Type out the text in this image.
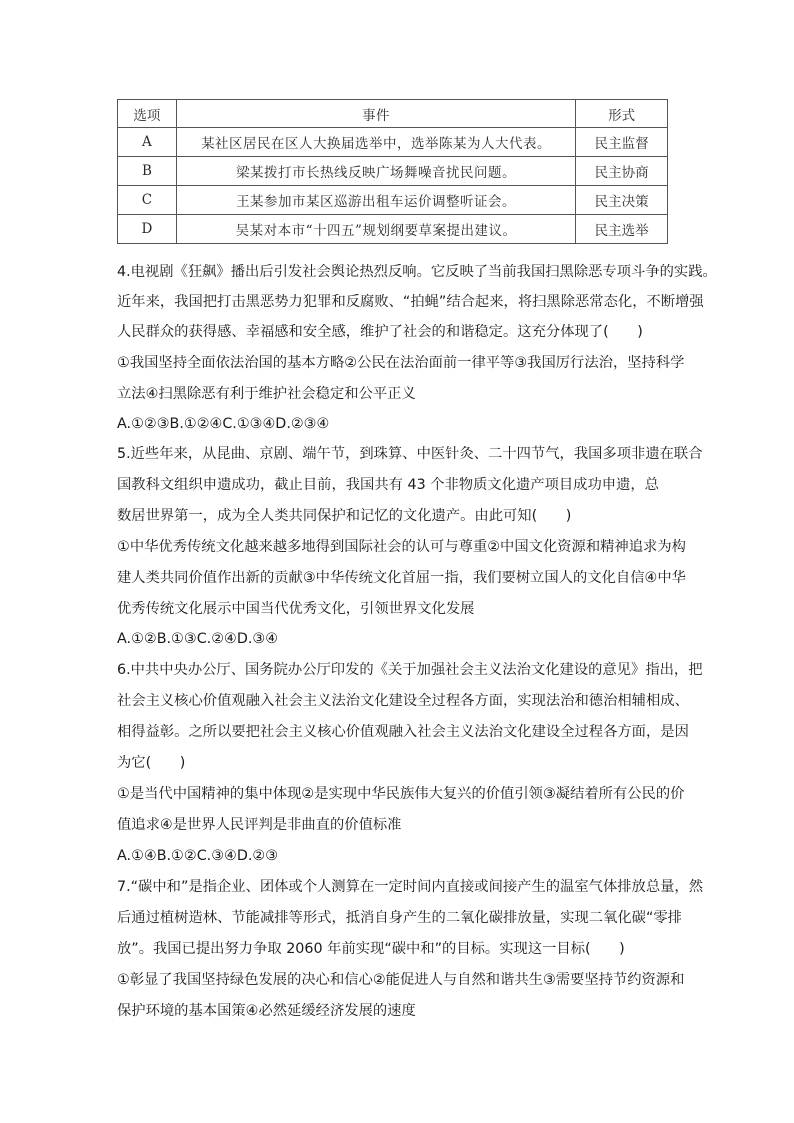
选项	事件	形式
A	某社区居民在区人大换届选举中，选举陈某为人大代表。	民主监督
B	梁某拨打市长热线反映广场舞噪音扰民问题。	民主协商
C	王某参加市某区巡游出租车运价调整听证会。	民主决策
D	吴某对本市“十四五”规划纲要草案提出建议。	民主选举
4.电视剧《狂飙》播出后引发社会舆论热烈反响。它反映了当前我国扫黑除恶专项斗争的实践。
近年来，我国把打击黑恶势力犯罪和反腐败、“拍蝇”结合起来，将扫黑除恶常态化，不断增强
人民群众的获得感、幸福感和安全感，维护了社会的和谐稳定。这充分体现了(　　)
①我国坚持全面依法治国的基本方略②公民在法治面前一律平等③我国厉行法治，坚持科学
立法④扫黑除恶有利于维护社会稳定和公平正义
A.①②③B.①②④C.①③④D.②③④
5.近些年来，从昆曲、京剧、端午节，到珠算、中医针灸、二十四节气，我国多项非遗在联合
国教科文组织申遗成功，截止目前，我国共有 43 个非物质文化遗产项目成功申遗，总
数居世界第一，成为全人类共同保护和记忆的文化遗产。由此可知(　　)
①中华优秀传统文化越来越多地得到国际社会的认可与尊重②中国文化资源和精神追求为构
建人类共同价值作出新的贡献③中华传统文化首屈一指，我们要树立国人的文化自信④中华
优秀传统文化展示中国当代优秀文化，引领世界文化发展
A.①②B.①③C.②④D.③④
6.中共中央办公厅、国务院办公厅印发的《关于加强社会主义法治文化建设的意见》指出，把
社会主义核心价值观融入社会主义法治文化建设全过程各方面，实现法治和德治相辅相成、
相得益彰。之所以要把社会主义核心价值观融入社会主义法治文化建设全过程各方面，是因
为它(　　)
①是当代中国精神的集中体现②是实现中华民族伟大复兴的价值引领③凝结着所有公民的价
值追求④是世界人民评判是非曲直的价值标准
A.①④B.①②C.③④D.②③
7.“碳中和”是指企业、团体或个人测算在一定时间内直接或间接产生的温室气体排放总量，然
后通过植树造林、节能减排等形式，抵消自身产生的二氧化碳排放量，实现二氧化碳“零排
放”。我国已提出努力争取 2060 年前实现“碳中和”的目标。实现这一目标(　　)
①彰显了我国坚持绿色发展的决心和信心②能促进人与自然和谐共生③需要坚持节约资源和
保护环境的基本国策④必然延缓经济发展的速度
